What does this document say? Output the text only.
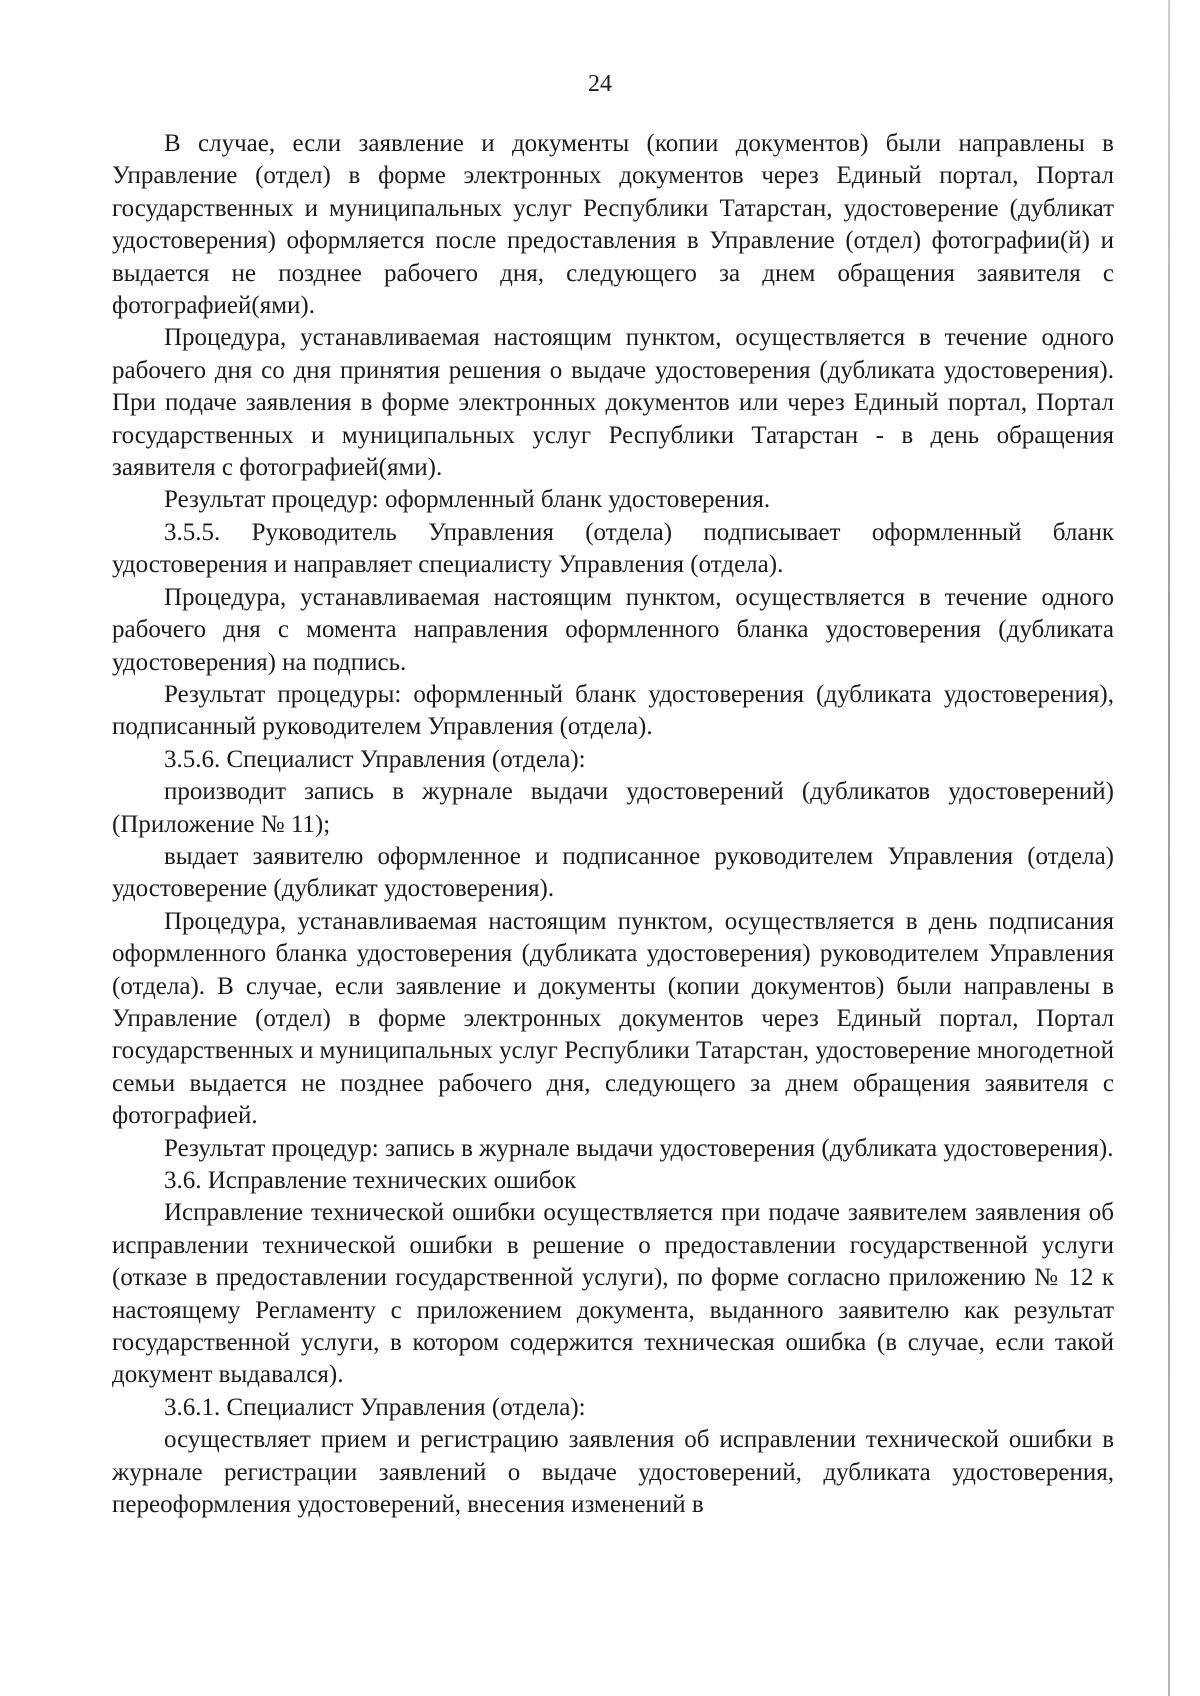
24

В случае, если заявление и документы (копии документов) были направлены в Управление (отдел) в форме электронных документов через Единый портал, Портал государственных и муниципальных услуг Республики Татарстан, удостоверение (дубликат удостоверения) оформляется после предоставления в Управление (отдел) фотографии(й) и выдается не позднее рабочего дня, следующего за днем обращения заявителя с фотографией(ями).

Процедура, устанавливаемая настоящим пунктом, осуществляется в течение одного рабочего дня со дня принятия решения о выдаче удостоверения (дубликата удостоверения). При подаче заявления в форме электронных документов или через Единый портал, Портал государственных и муниципальных услуг Республики Татарстан - в день обращения заявителя с фотографией(ями).

Результат процедур: оформленный бланк удостоверения.

3.5.5. Руководитель Управления (отдела) подписывает оформленный бланк удостоверения и направляет специалисту Управления (отдела).

Процедура, устанавливаемая настоящим пунктом, осуществляется в течение одного рабочего дня с момента направления оформленного бланка удостоверения (дубликата удостоверения) на подпись.

Результат процедуры: оформленный бланк удостоверения (дубликата удостоверения), подписанный руководителем Управления (отдела).

3.5.6. Специалист Управления (отдела):

производит запись в журнале выдачи удостоверений (дубликатов удостоверений) (Приложение № 11);

выдает заявителю оформленное и подписанное руководителем Управления (отдела) удостоверение (дубликат удостоверения).

Процедура, устанавливаемая настоящим пунктом, осуществляется в день подписания оформленного бланка удостоверения (дубликата удостоверения) руководителем Управления (отдела). В случае, если заявление и документы (копии документов) были направлены в Управление (отдел) в форме электронных документов через Единый портал, Портал государственных и муниципальных услуг Республики Татарстан, удостоверение многодетной семьи выдается не позднее рабочего дня, следующего за днем обращения заявителя с фотографией.

Результат процедур: запись в журнале выдачи удостоверения (дубликата удостоверения).

3.6. Исправление технических ошибок

Исправление технической ошибки осуществляется при подаче заявителем заявления об исправлении технической ошибки в решение о предоставлении государственной услуги (отказе в предоставлении государственной услуги), по форме согласно приложению № 12 к настоящему Регламенту с приложением документа, выданного заявителю как результат государственной услуги, в котором содержится техническая ошибка (в случае, если такой документ выдавался).

3.6.1. Специалист Управления (отдела):

осуществляет прием и регистрацию заявления об исправлении технической ошибки в журнале регистрации заявлений о выдаче удостоверений, дубликата удостоверения, переоформления удостоверений, внесения изменений в
